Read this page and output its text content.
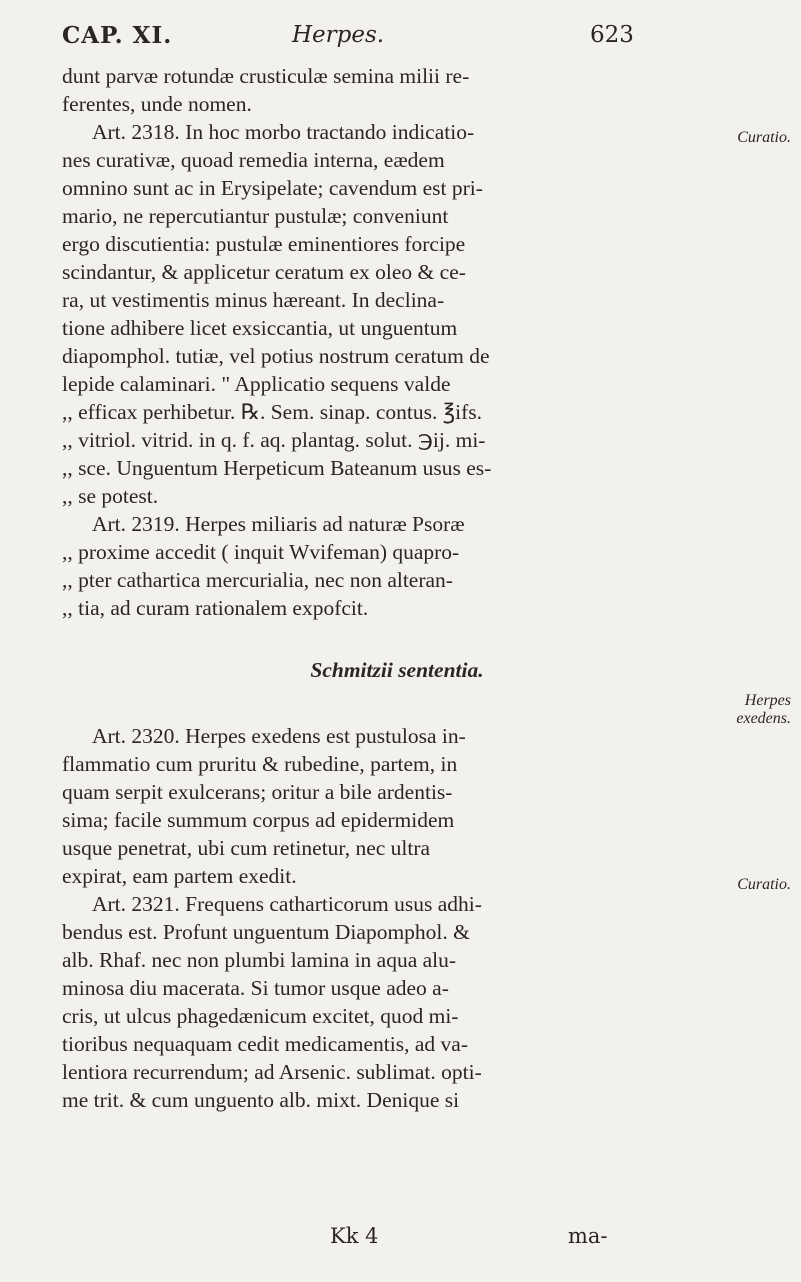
CAP. XI.	Herpes.	623
dunt parvæ rotundæ crusticulæ semina milii re-
ferentes, unde nomen.
Art. 2318. In hoc morbo tractando indicatio-
nes curativæ, quoad remedia interna, eædem
omnino sunt ac in Erysipelate; cavendum est pri-
mario, ne repercutiantur pustulæ; conveniunt
ergo discutientia: pustulæ eminentiores forcipe
scindantur, & applicetur ceratum ex oleo & ce-
ra, ut vestimentis minus hæreant. In declina-
tione adhibere licet exsiccantia, ut unguentum
diapomphol. tutiæ, vel potius nostrum ceratum de
lepide calaminari. " Applicatio sequens valde
,, efficax perhibetur. ℞. Sem. sinap. contus. ℥ifs.
,, vitriol. vitrid. in q. f. aq. plantag. solut. ℈ij. mi-
,, sce. Unguentum Herpeticum Bateanum usus es-
,, se potest.
Art. 2319. Herpes miliaris ad naturæ Psoræ
,, proxime accedit ( inquit Wvifeman) quapro-
,, pter cathartica mercurialia, nec non alteran-
,, tia, ad curam rationalem expofcit.
Schmitzii sententia.
Art. 2320. Herpes exedens est pustulosa in-
flammatio cum pruritu & rubedine, partem, in
quam serpit exulcerans; oritur a bile ardentis-
sima; facile summum corpus ad epidermidem
usque penetrat, ubi cum retinetur, nec ultra
expirat, eam partem exedit.
Art. 2321. Frequens catharticorum usus adhi-
bendus est. Profunt unguentum Diapomphol. &
alb. Rhaf. nec non plumbi lamina in aqua alu-
minosa diu macerata. Si tumor usque adeo a-
cris, ut ulcus phagedænicum excitet, quod mi-
tioribus nequaquam cedit medicamentis, ad va-
lentiora recurrendum; ad Arsenic. sublimat. opti-
me trit. & cum unguento alb. mixt. Denique si
Curatio.
Herpes
exedens.
Curatio.
Kk 4	ma-
